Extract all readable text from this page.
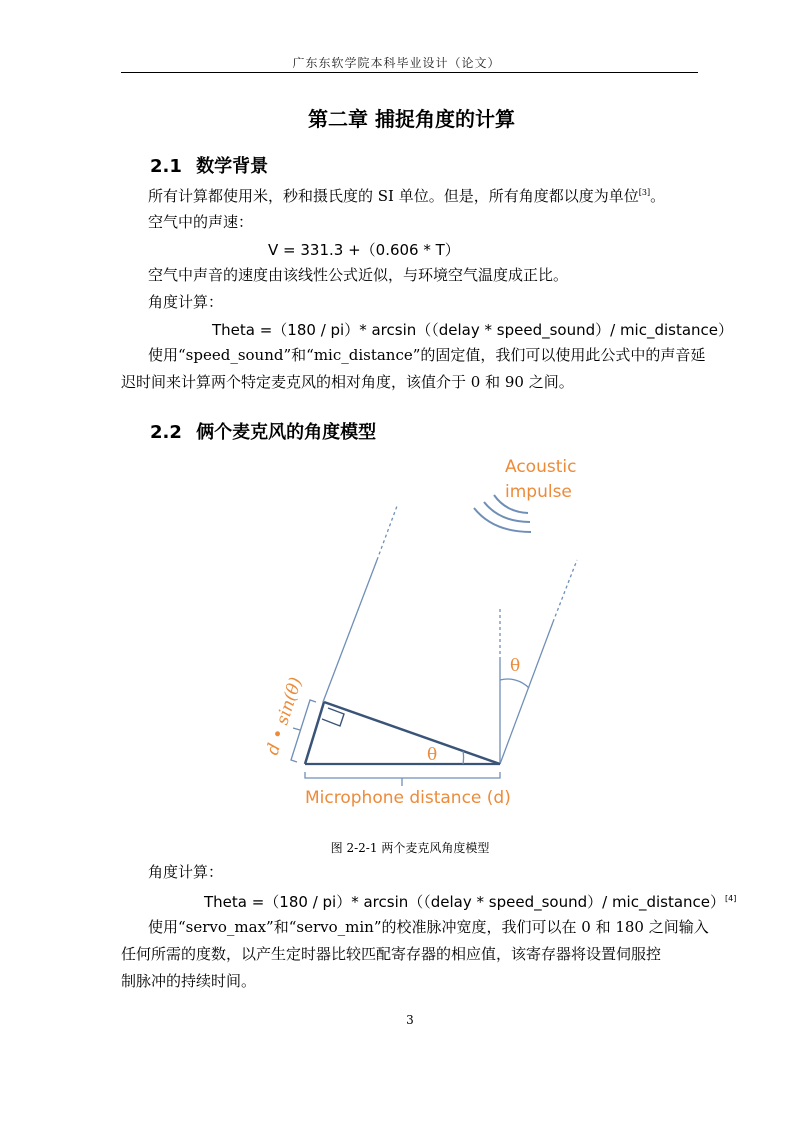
广东东软学院本科毕业设计（论文）
第二章 捕捉角度的计算
2.1 数学背景
所有计算都使用米，秒和摄氏度的 SI 单位。但是，所有角度都以度为单位[3]。
空气中的声速：
V = 331.3 +（0.606 * T）
空气中声音的速度由该线性公式近似，与环境空气温度成正比。
角度计算：
Theta =（180 / pi）* arcsin（（delay * speed_sound）/ mic_distance）
使用“speed_sound”和“mic_distance”的固定值，我们可以使用此公式中的声音延
迟时间来计算两个特定麦克风的相对角度，该值介于 0 和 90 之间。
2.2 俩个麦克风的角度模型
Acoustic
impulse
θ
θ
d • sin(θ)
Microphone distance (d)
图 2-2-1 两个麦克风角度模型
角度计算：
Theta =（180 / pi）* arcsin（（delay * speed_sound）/ mic_distance）[4]
使用“servo_max”和“servo_min”的校准脉冲宽度，我们可以在 0 和 180 之间输入
任何所需的度数，以产生定时器比较匹配寄存器的相应值，该寄存器将设置伺服控
制脉冲的持续时间。
3
